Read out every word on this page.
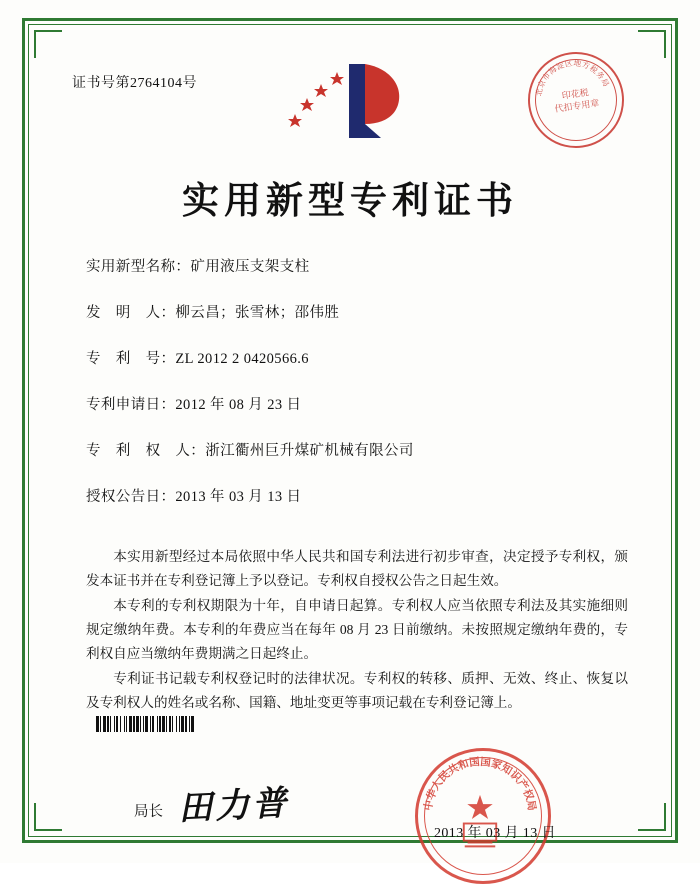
证书号第2764104号
北京市海淀区地方税务局
印花税
代扣专用章
实用新型专利证书
实用新型名称：矿用液压支架支柱
发　明　人：柳云昌；张雪林；邵伟胜
专　利　号：ZL 2012 2 0420566.6
专利申请日：2012 年 08 月 23 日
专　利　权　人：浙江衢州巨升煤矿机械有限公司
授权公告日：2013 年 03 月 13 日

本实用新型经过本局依照中华人民共和国专利法进行初步审查，决定授予专利权，颁发本证书并在专利登记簿上予以登记。专利权自授权公告之日起生效。

本专利的专利权期限为十年，自申请日起算。专利权人应当依照专利法及其实施细则规定缴纳年费。本专利的年费应当在每年 08 月 23 日前缴纳。未按照规定缴纳年费的，专利权自应当缴纳年费期满之日起终止。

专利证书记载专利权登记时的法律状况。专利权的转移、质押、无效、终止、恢复以及专利权人的姓名或名称、国籍、地址变更等事项记载在专利登记簿上。

局长 田力普	中华人民共和国国家知识产权局
2013 年 03 月 13 日
